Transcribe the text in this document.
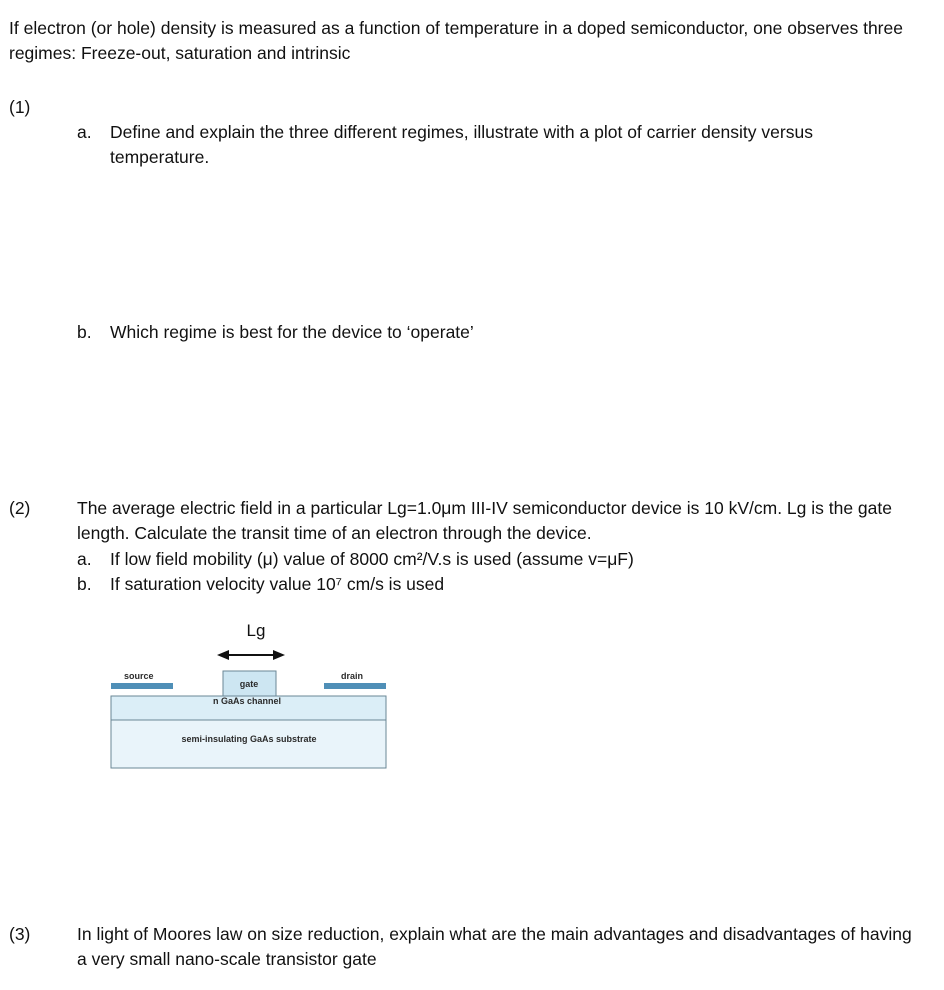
If electron (or hole) density is measured as a function of temperature in a doped semiconductor, one observes three regimes: Freeze-out, saturation and intrinsic
(1)
a. Define and explain the three different regimes, illustrate with a plot of carrier density versus temperature.
b. Which regime is best for the device to ‘operate’
(2)	The average electric field in a particular Lg=1.0μm III-IV semiconductor device is 10 kV/cm. Lg is the gate length. Calculate the transit time of an electron through the device.
a. If low field mobility (μ) value of 8000 cm²/V.s is used (assume v=μF)
b. If saturation velocity value 10⁷ cm/s is used
Lg
source	drain
gate
n GaAs channel
semi-insulating GaAs substrate
(3)	In light of Moores law on size reduction, explain what are the main advantages and disadvantages of having a very small nano-scale transistor gate
